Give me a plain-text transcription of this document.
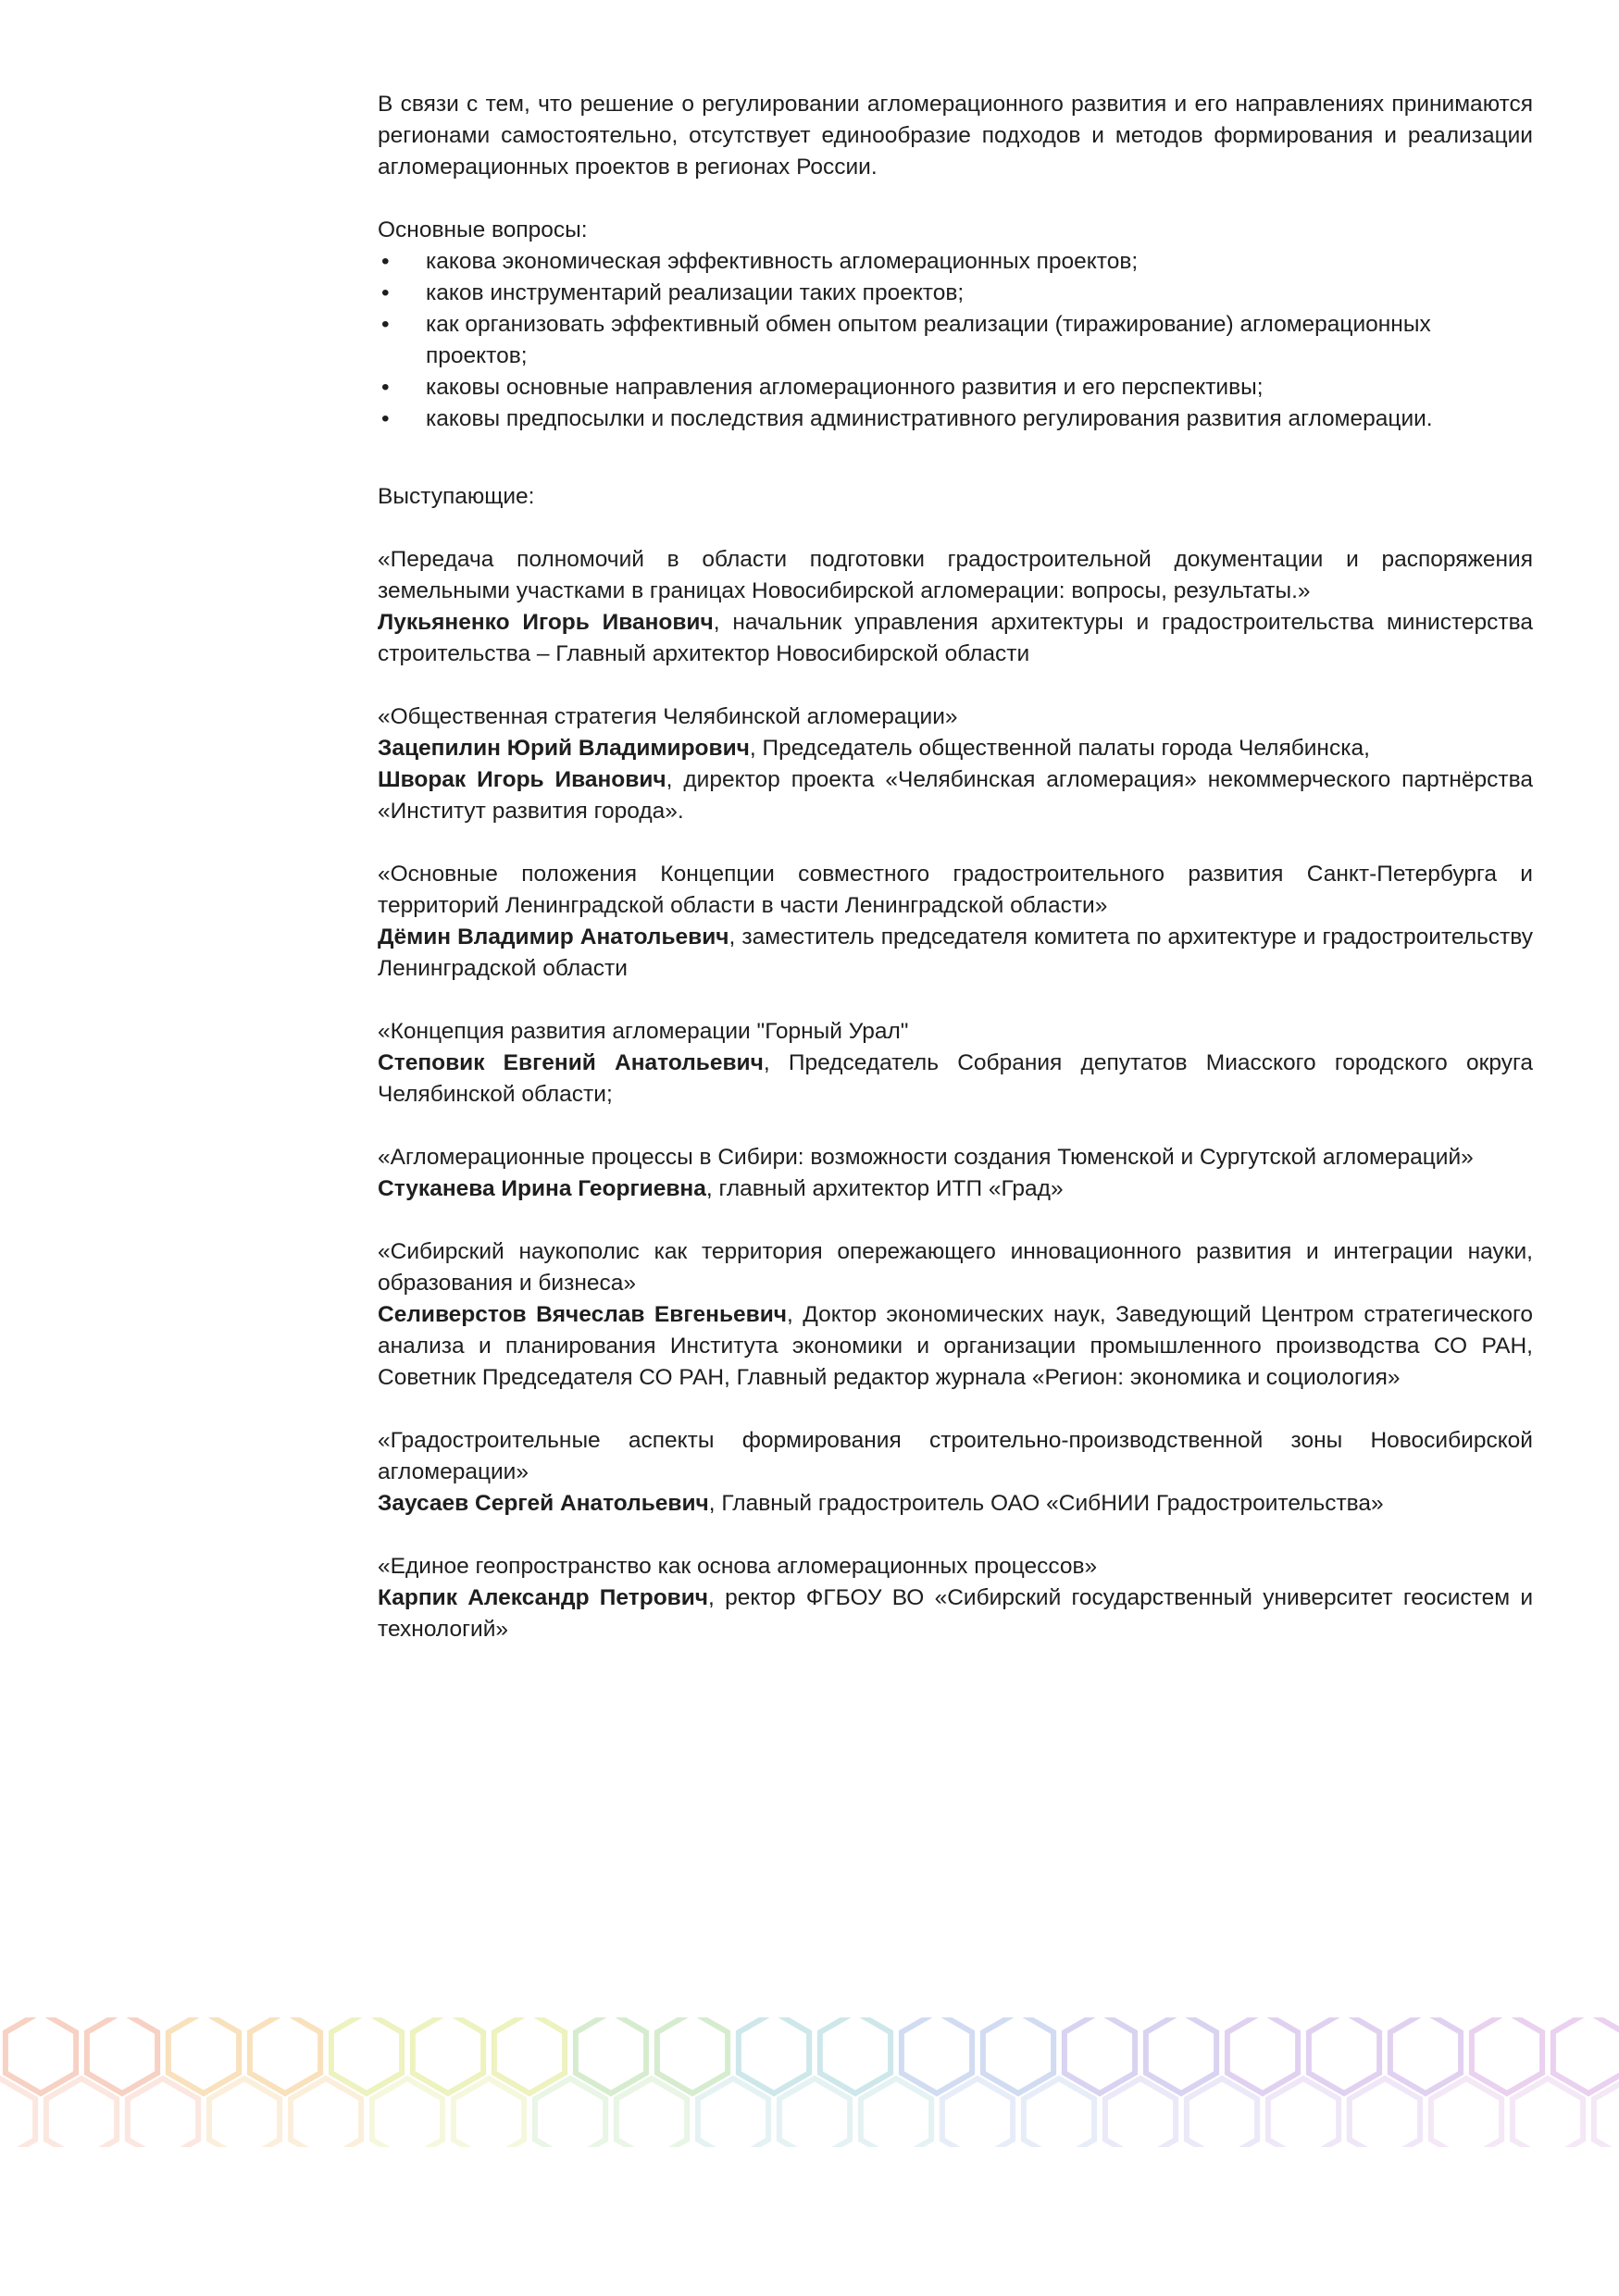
В связи с тем, что решение о регулировании агломерационного развития и его направлениях принимаются регионами самостоятельно, отсутствует единообразие подходов и методов формирования и реализации агломерационных проектов в регионах России.

Основные вопросы:

• какова экономическая эффективность агломерационных проектов;
• каков инструментарий реализации таких проектов;
• как организовать эффективный обмен опытом реализации (тиражирование) агломерационных проектов;
• каковы основные направления агломерационного развития и его перспективы;
• каковы предпосылки и последствия административного регулирования развития агломерации.

Выступающие:

«Передача полномочий в области подготовки градостроительной документации и распоряжения земельными участками в границах Новосибирской агломерации: вопросы, результаты.»

Лукьяненко Игорь Иванович, начальник управления архитектуры и градостроительства министерства строительства – Главный архитектор Новосибирской области

«Общественная стратегия Челябинской агломерации»

Зацепилин Юрий Владимирович, Председатель общественной палаты города Челябинска,

Шворак Игорь Иванович, директор проекта «Челябинская агломерация» некоммерческого партнёрства «Институт развития города».

«Основные положения Концепции совместного градостроительного развития Санкт-Петербурга и территорий Ленинградской области в части Ленинградской области»

Дёмин Владимир Анатольевич, заместитель председателя комитета по архитектуре и градостроительству Ленинградской области

«Концепция развития агломерации "Горный Урал"

Степовик Евгений Анатольевич, Председатель Собрания депутатов Миасского городского округа Челябинской области;

«Агломерационные процессы в Сибири: возможности создания Тюменской и Сургутской агломераций»

Стуканева Ирина Георгиевна, главный архитектор ИТП «Град»

«Сибирский наукополис как территория опережающего инновационного развития и интеграции науки, образования и бизнеса»

Селиверстов Вячеслав Евгеньевич, Доктор экономических наук, Заведующий Центром стратегического анализа и планирования Института экономики и организации промышленного производства СО РАН, Советник Председателя СО РАН, Главный редактор журнала «Регион: экономика и социология»

«Градостроительные аспекты формирования строительно-производственной зоны Новосибирской агломерации»

Заусаев Сергей Анатольевич, Главный градостроитель ОАО «СибНИИ Градостроительства»

«Единое геопространство как основа агломерационных процессов»

Карпик Александр Петрович, ректор ФГБОУ ВО «Сибирский государственный университет геосистем и технологий»
